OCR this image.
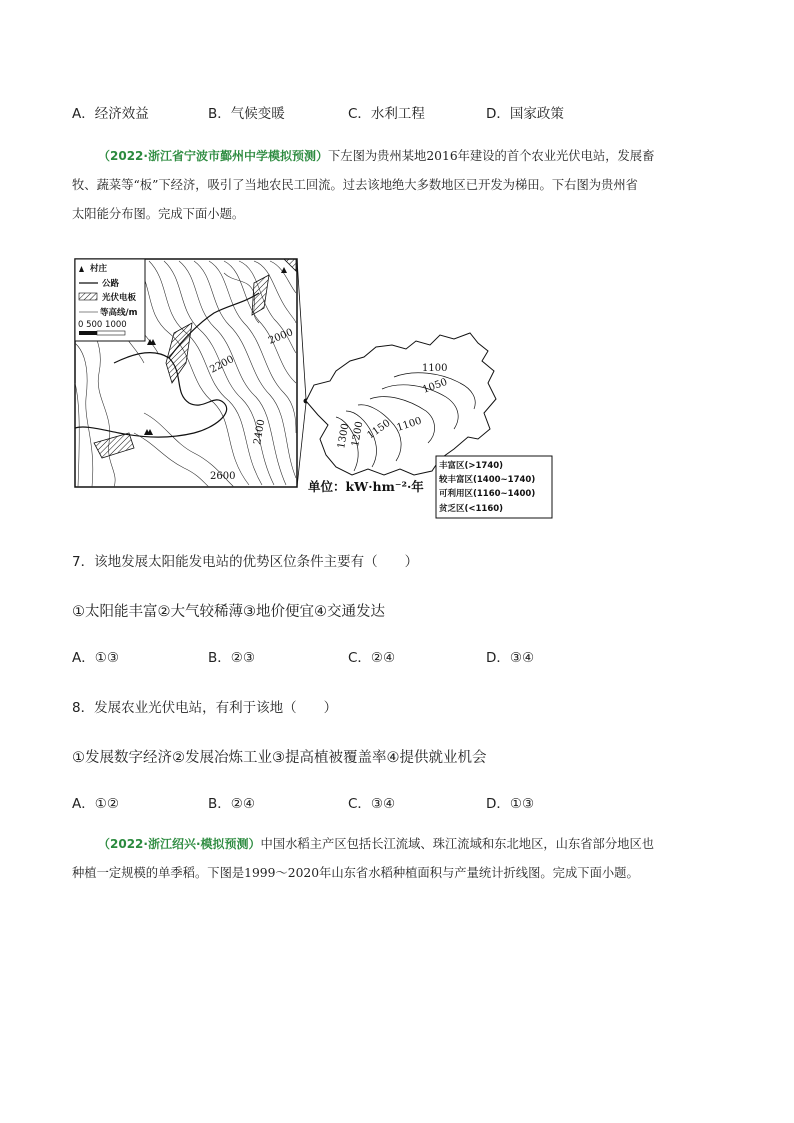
A．经济效益	B．气候变暖	C．水利工程	D．国家政策
（2022·浙江省宁波市鄞州中学模拟预测）下左图为贵州某地2016年建设的首个农业光伏电站，发展畜
牧、蔬菜等“板”下经济，吸引了当地农民工回流。过去该地绝大多数地区已开发为梯田。下右图为贵州省
太阳能分布图。完成下面小题。
村庄
公路
光伏电板
等高线/m
0 500 1000
2000
2200
2400
2600
1100
1050
1100
1150
1200
1300
单位：kW·hm⁻²·年
丰富区(>1740)
较丰富区(1400~1740)
可利用区(1160~1400)
贫乏区(<1160)
7．该地发展太阳能发电站的优势区位条件主要有（　　）
①太阳能丰富②大气较稀薄③地价便宜④交通发达
A．①③	B．②③	C．②④	D．③④
8．发展农业光伏电站，有利于该地（　　）
①发展数字经济②发展冶炼工业③提高植被覆盖率④提供就业机会
A．①②	B．②④	C．③④	D．①③
（2022·浙江绍兴·模拟预测）中国水稻主产区包括长江流域、珠江流域和东北地区，山东省部分地区也
种植一定规模的单季稻。下图是1999～2020年山东省水稻种植面积与产量统计折线图。完成下面小题。
